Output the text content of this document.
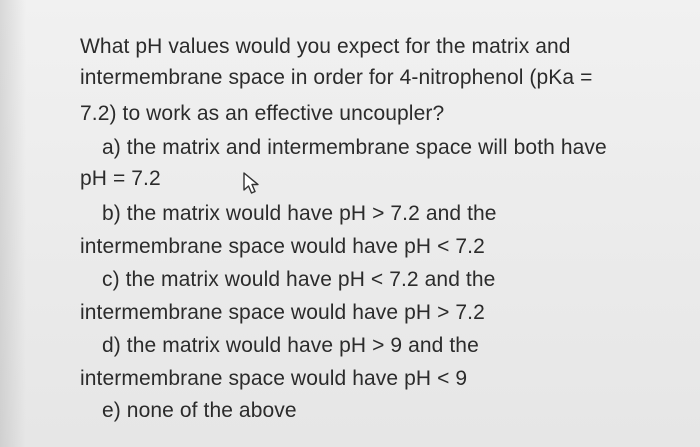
What pH values would you expect for the matrix and
intermembrane space in order for 4-nitrophenol (pKa =
7.2) to work as an effective uncoupler?
a) the matrix and intermembrane space will both have
pH = 7.2
b) the matrix would have pH > 7.2 and the
intermembrane space would have pH < 7.2
c) the matrix would have pH < 7.2 and the
intermembrane space would have pH > 7.2
d) the matrix would have pH > 9 and the
intermembrane space would have pH < 9
e) none of the above
